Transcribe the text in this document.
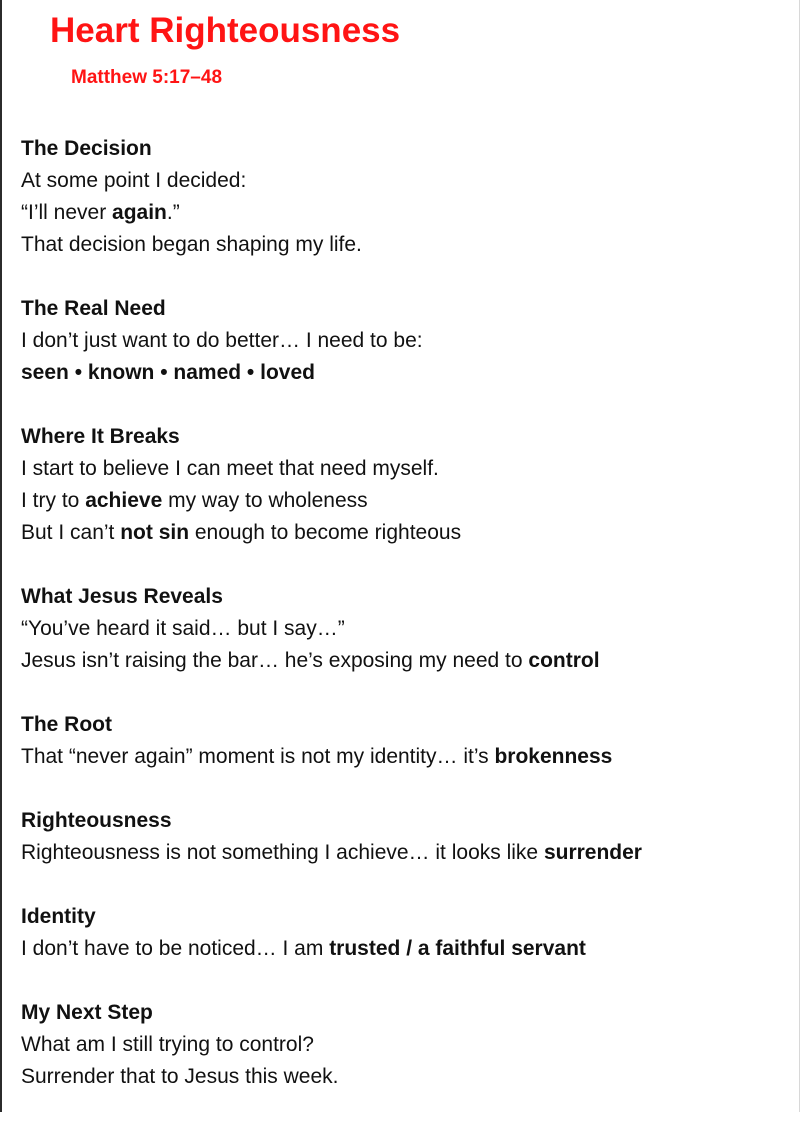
Heart Righteousness
Matthew 5:17–48

The Decision

At some point I decided:

“I’ll never again.”

That decision began shaping my life.

The Real Need

I don’t just want to do better… I need to be:

seen • known • named • loved

Where It Breaks

I start to believe I can meet that need myself.

I try to achieve my way to wholeness

But I can’t not sin enough to become righteous

What Jesus Reveals

“You’ve heard it said… but I say…”

Jesus isn’t raising the bar… he’s exposing my need to control

The Root

That “never again” moment is not my identity… it’s brokenness

Righteousness

Righteousness is not something I achieve… it looks like surrender

Identity

I don’t have to be noticed… I am trusted / a faithful servant

My Next Step

What am I still trying to control?

Surrender that to Jesus this week.
